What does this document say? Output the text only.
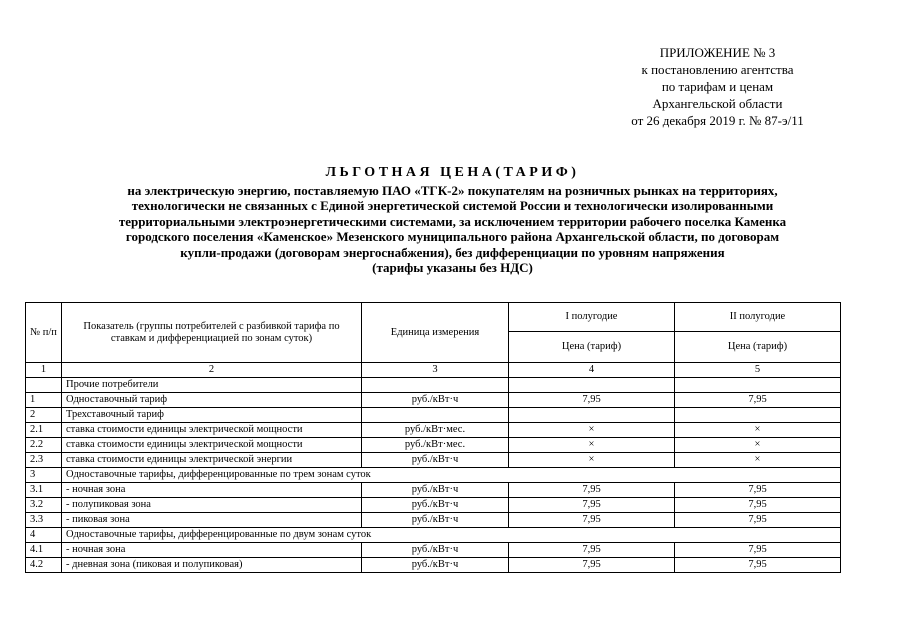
ПРИЛОЖЕНИЕ № 3
к постановлению агентства
по тарифам и ценам
Архангельской области
от 26 декабря 2019 г. № 87-э/11
ЛЬГОТНАЯ ЦЕНА(ТАРИФ)
на электрическую энергию, поставляемую ПАО «ТГК-2» покупателям на розничных рынках на территориях,
технологически не связанных с Единой энергетической системой России и технологически изолированными
территориальными электроэнергетическими системами, за исключением территории рабочего поселка Каменка
городского поселения «Каменское» Мезенского муниципального района Архангельской области, по договорам
купли-продажи (договорам энергоснабжения), без дифференциации по уровням напряжения
(тарифы указаны без НДС)
№ п/п	Показатель (группы потребителей с разбивкой тарифа по ставкам и дифференциацией по зонам суток)	Единица измерения	I полугодие	II полугодие
			Цена (тариф)	Цена (тариф)
1	2	3	4	5
	Прочие потребители			
1	Одноставочный тариф	руб./кВт·ч	7,95	7,95
2	Трехставочный тариф			
2.1	ставка стоимости единицы электрической мощности	руб./кВт·мес.	×	×
2.2	ставка стоимости единицы электрической мощности	руб./кВт·мес.	×	×
2.3	ставка стоимости единицы электрической энергии	руб./кВт·ч	×	×
3	Одноставочные тарифы, дифференцированные по трем зонам суток			
3.1	- ночная зона	руб./кВт·ч	7,95	7,95
3.2	- полупиковая зона	руб./кВт·ч	7,95	7,95
3.3	- пиковая зона	руб./кВт·ч	7,95	7,95
4	Одноставочные тарифы, дифференцированные по двум зонам суток			
4.1	- ночная зона	руб./кВт·ч	7,95	7,95
4.2	- дневная зона (пиковая и полупиковая)	руб./кВт·ч	7,95	7,95
